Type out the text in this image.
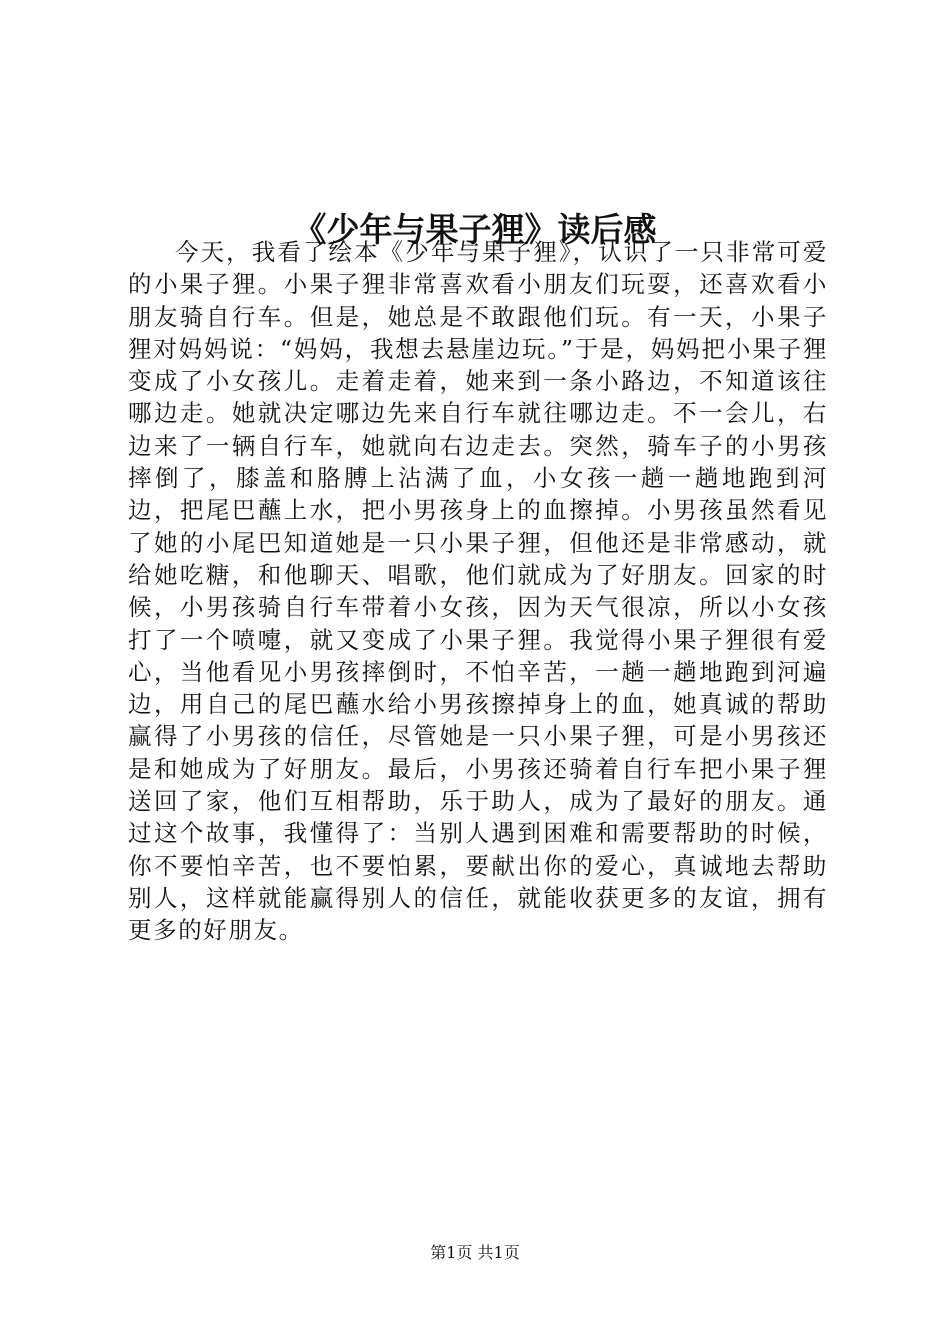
《少年与果子狸》读后感

今天，我看了绘本《少年与果子狸》，认识了一只非常可爱的小果子狸。小果子狸非常喜欢看小朋友们玩耍，还喜欢看小朋友骑自行车。但是，她总是不敢跟他们玩。有一天，小果子狸对妈妈说：“妈妈，我想去悬崖边玩。”于是，妈妈把小果子狸变成了小女孩儿。走着走着，她来到一条小路边，不知道该往哪边走。她就决定哪边先来自行车就往哪边走。不一会儿，右边来了一辆自行车，她就向右边走去。突然，骑车子的小男孩摔倒了，膝盖和胳膊上沾满了血，小女孩一趟一趟地跑到河边，把尾巴蘸上水，把小男孩身上的血擦掉。小男孩虽然看见了她的小尾巴知道她是一只小果子狸，但他还是非常感动，就给她吃糖，和他聊天、唱歌，他们就成为了好朋友。回家的时候，小男孩骑自行车带着小女孩，因为天气很凉，所以小女孩打了一个喷嚏，就又变成了小果子狸。我觉得小果子狸很有爱心，当他看见小男孩摔倒时，不怕辛苦，一趟一趟地跑到河遍边，用自己的尾巴蘸水给小男孩擦掉身上的血，她真诚的帮助赢得了小男孩的信任，尽管她是一只小果子狸，可是小男孩还是和她成为了好朋友。最后，小男孩还骑着自行车把小果子狸送回了家，他们互相帮助，乐于助人，成为了最好的朋友。通过这个故事，我懂得了：当别人遇到困难和需要帮助的时候，你不要怕辛苦，也不要怕累，要献出你的爱心，真诚地去帮助别人，这样就能赢得别人的信任，就能收获更多的友谊，拥有更多的好朋友。

第1页 共1页
